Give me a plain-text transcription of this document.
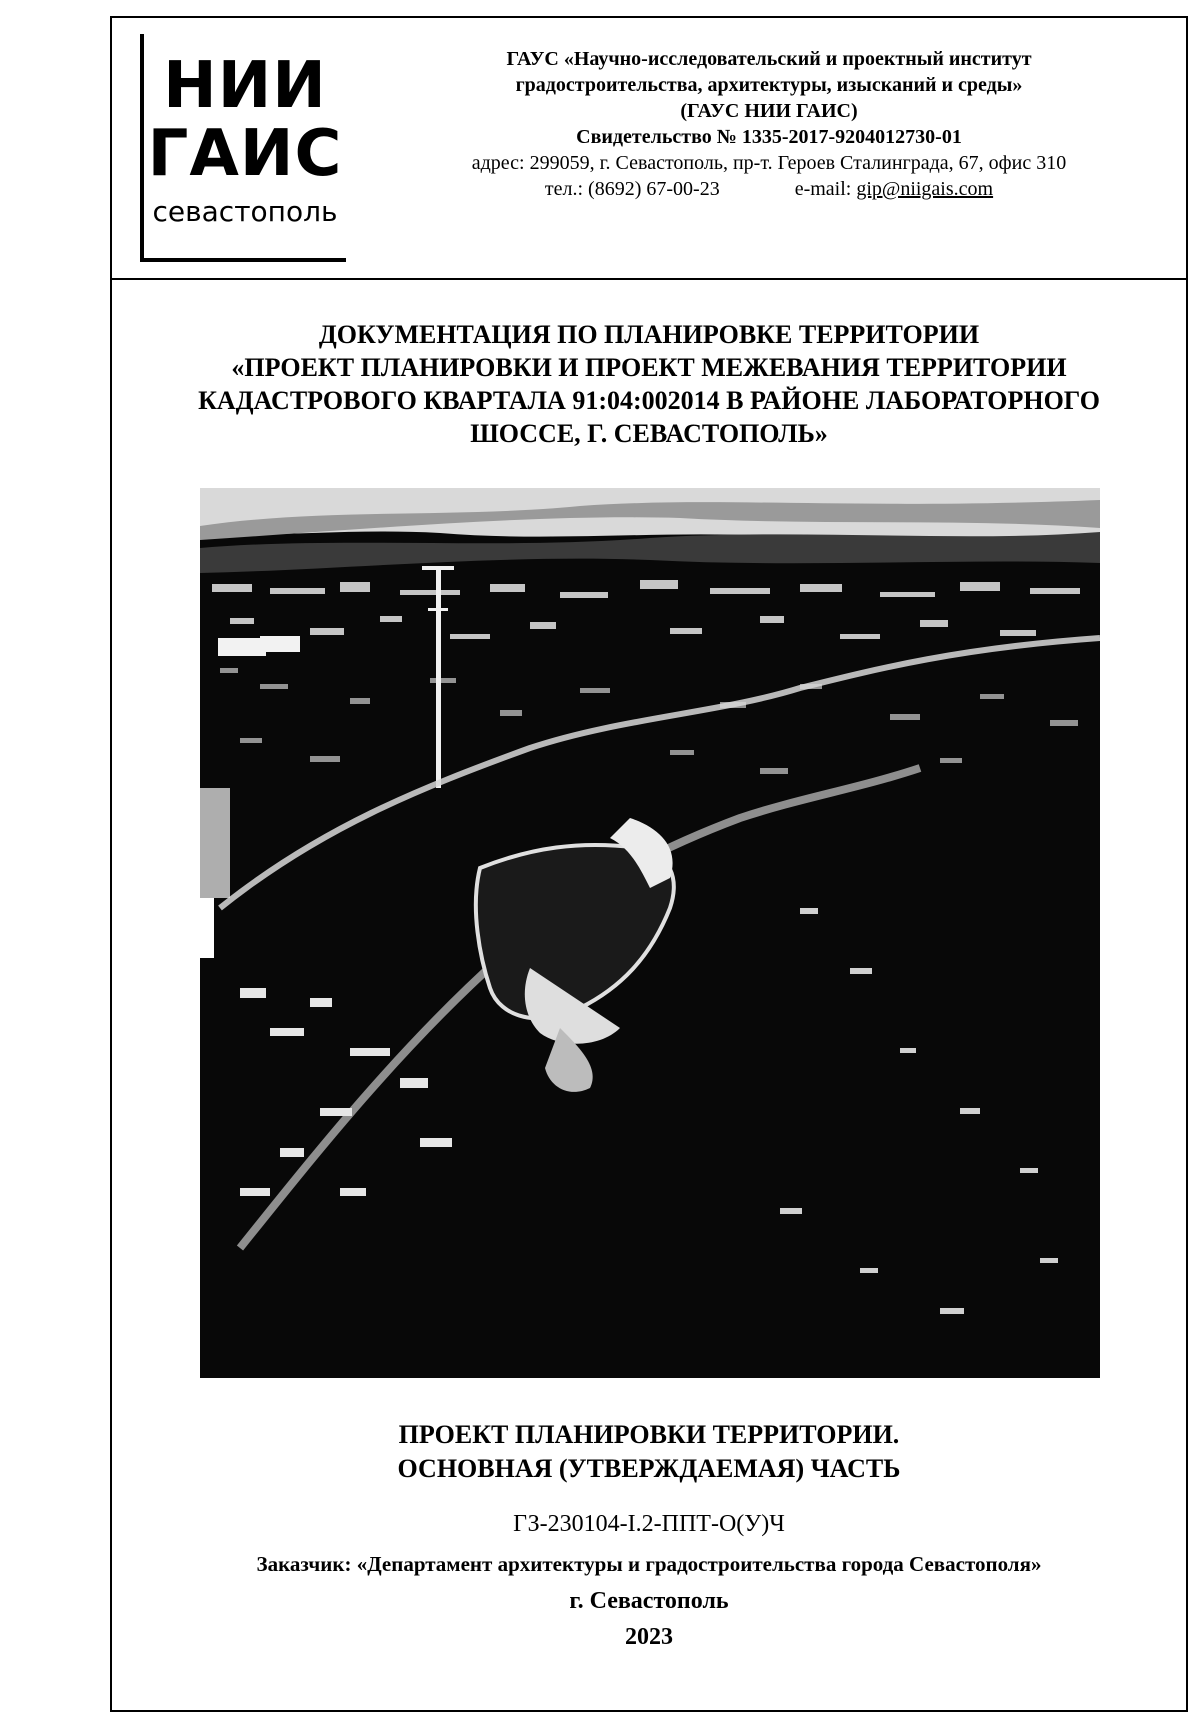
НИИ
ГАИС
севастополь
ГАУС «Научно-исследовательский и проектный институт
градостроительства, архитектуры, изысканий и среды»
(ГАУС НИИ ГАИС)
Свидетельство № 1335-2017-9204012730-01
адрес: 299059, г. Севастополь, пр-т. Героев Сталинграда, 67, офис 310
тел.: (8692) 67-00-23	e-mail: gip@niigais.com
ДОКУМЕНТАЦИЯ ПО ПЛАНИРОВКЕ ТЕРРИТОРИИ
«ПРОЕКТ ПЛАНИРОВКИ И ПРОЕКТ МЕЖЕВАНИЯ ТЕРРИТОРИИ
КАДАСТРОВОГО КВАРТАЛА 91:04:002014 В РАЙОНЕ ЛАБОРАТОРНОГО
ШОССЕ, Г. СЕВАСТОПОЛЬ»
ПРОЕКТ ПЛАНИРОВКИ ТЕРРИТОРИИ.
ОСНОВНАЯ (УТВЕРЖДАЕМАЯ) ЧАСТЬ
ГЗ-230104-I.2-ППТ-О(У)Ч
Заказчик: «Департамент архитектуры и градостроительства города Севастополя»
г. Севастополь
2023
